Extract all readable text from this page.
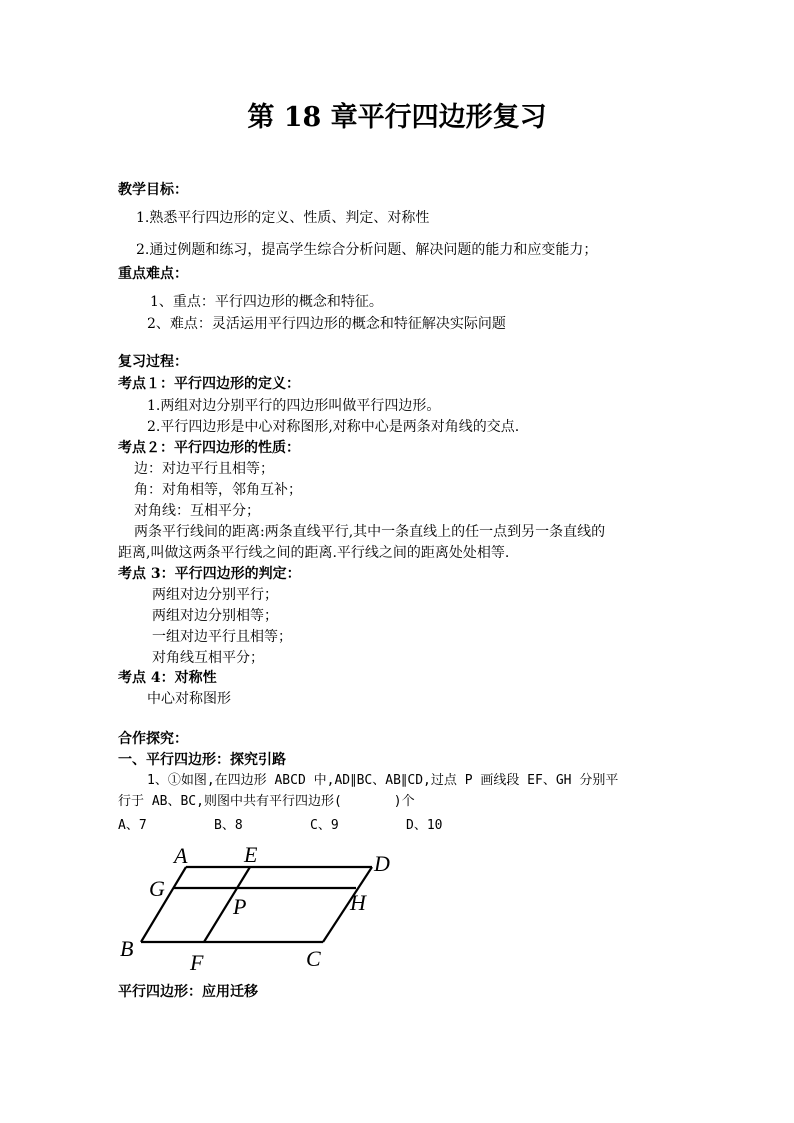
第 18 章平行四边形复习
教学目标：
1.熟悉平行四边形的定义、性质、判定、对称性
2.通过例题和练习，提高学生综合分析问题、解决问题的能力和应变能力；
重点难点：
1、重点：平行四边形的概念和特征。
2、难点：灵活运用平行四边形的概念和特征解决实际问题
复习过程：
考点１：平行四边形的定义：
1.两组对边分别平行的四边形叫做平行四边形。
2.平行四边形是中心对称图形,对称中心是两条对角线的交点.
考点２：平行四边形的性质：
边：对边平行且相等；
角：对角相等，邻角互补；
对角线：互相平分；
两条平行线间的距离:两条直线平行,其中一条直线上的任一点到另一条直线的
距离,叫做这两条平行线之间的距离.平行线之间的距离处处相等.
考点 3：平行四边形的判定：
两组对边分别平行；
两组对边分别相等；
一组对边平行且相等；
对角线互相平分；
考点 4：对称性
中心对称图形
合作探究：
一、平行四边形：探究引路
1、①如图,在四边形 ABCD 中,AD∥BC、AB∥CD,过点 P 画线段 EF、GH 分别平
行于 AB、BC,则图中共有平行四边形(　　　　)个
A、7	B、8	C、9	D、10
A	E	D
G
P	H
B
F	C
平行四边形：应用迁移
